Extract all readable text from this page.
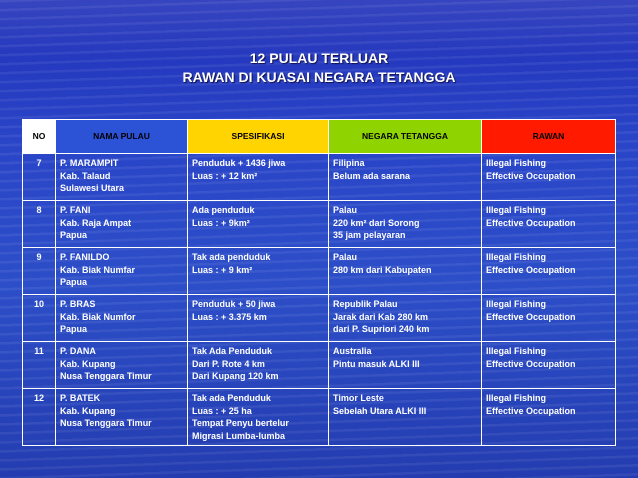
12 PULAU TERLUAR
RAWAN DI KUASAI NEGARA TETANGGA
NO	NAMA PULAU	SPESIFIKASI	NEGARA TETANGGA	RAWAN
7	P. MARAMPIT
Kab. Talaud
Sulawesi Utara	Penduduk + 1436 jiwa
Luas : + 12 km²	Filipina
Belum ada sarana	Illegal Fishing
Effective Occupation

8	P. FANI
Kab. Raja Ampat
Papua	Ada penduduk
Luas : + 9km²	Palau
220 km² dari Sorong
35 jam pelayaran	Illegal Fishing
Effective Occupation

9	P. FANILDO
Kab. Biak Numfar
Papua	Tak ada penduduk
Luas : + 9 km²	Palau
280 km dari Kabupaten	Illegal Fishing
Effective Occupation

10	P. BRAS
Kab. Biak Numfor
Papua	Penduduk + 50 jiwa
Luas : + 3.375 km	Republik Palau
Jarak dari Kab 280 km
dari P. Supriori 240 km	Illegal Fishing
Effective Occupation

11	P. DANA
Kab. Kupang
Nusa Tenggara Timur	Tak Ada Penduduk
Dari P. Rote 4 km
Dari Kupang 120 km	Australia
Pintu masuk ALKI III	Illegal Fishing
Effective Occupation

12	P. BATEK
Kab. Kupang
Nusa Tenggara Timur	Tak ada Penduduk
Luas : + 25 ha
Tempat Penyu bertelur
Migrasi Lumba-lumba	Timor Leste
Sebelah Utara ALKI III	Illegal Fishing
Effective Occupation
